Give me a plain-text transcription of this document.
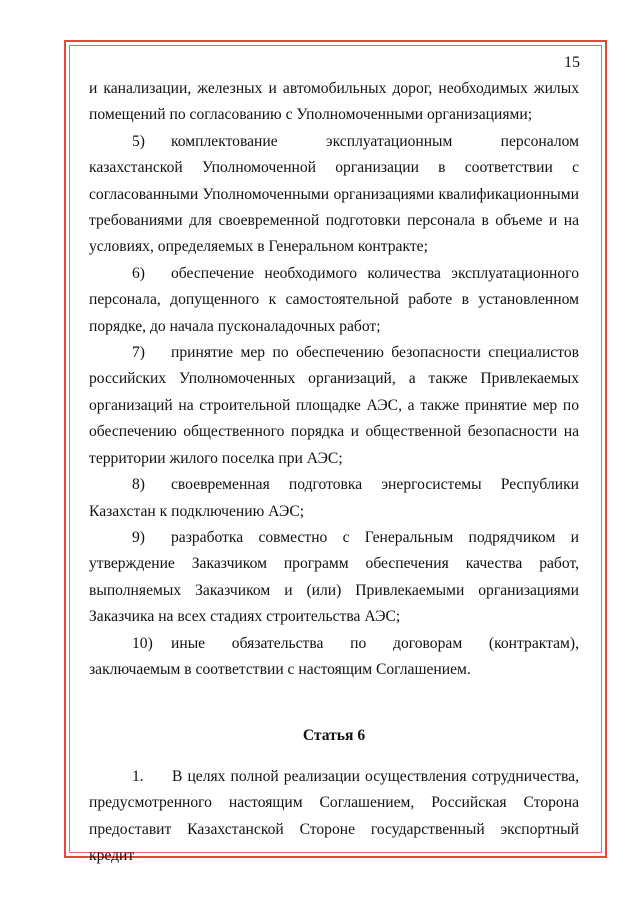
15

и канализации, железных и автомобильных дорог, необходимых жилых помещений по согласованию с Уполномоченными организациями;

5) комплектование эксплуатационным персоналом казахстанской Уполномоченной организации в соответствии с согласованными Уполномоченными организациями квалификационными требованиями для своевременной подготовки персонала в объеме и на условиях, определяемых в Генеральном контракте;

6) обеспечение необходимого количества эксплуатационного персонала, допущенного к самостоятельной работе в установленном порядке, до начала пусконаладочных работ;

7) принятие мер по обеспечению безопасности специалистов российских Уполномоченных организаций, а также Привлекаемых организаций на строительной площадке АЭС, а также принятие мер по обеспечению общественного порядка и общественной безопасности на территории жилого поселка при АЭС;

8) своевременная подготовка энергосистемы Республики Казахстан к подключению АЭС;

9) разработка совместно с Генеральным подрядчиком и утверждение Заказчиком программ обеспечения качества работ, выполняемых Заказчиком и (или) Привлекаемыми организациями Заказчика на всех стадиях строительства АЭС;

10) иные обязательства по договорам (контрактам), заключаемым в соответствии с настоящим Соглашением.

Статья 6

1. В целях полной реализации осуществления сотрудничества, предусмотренного настоящим Соглашением, Российская Сторона предоставит Казахстанской Стороне государственный экспортный кредит
